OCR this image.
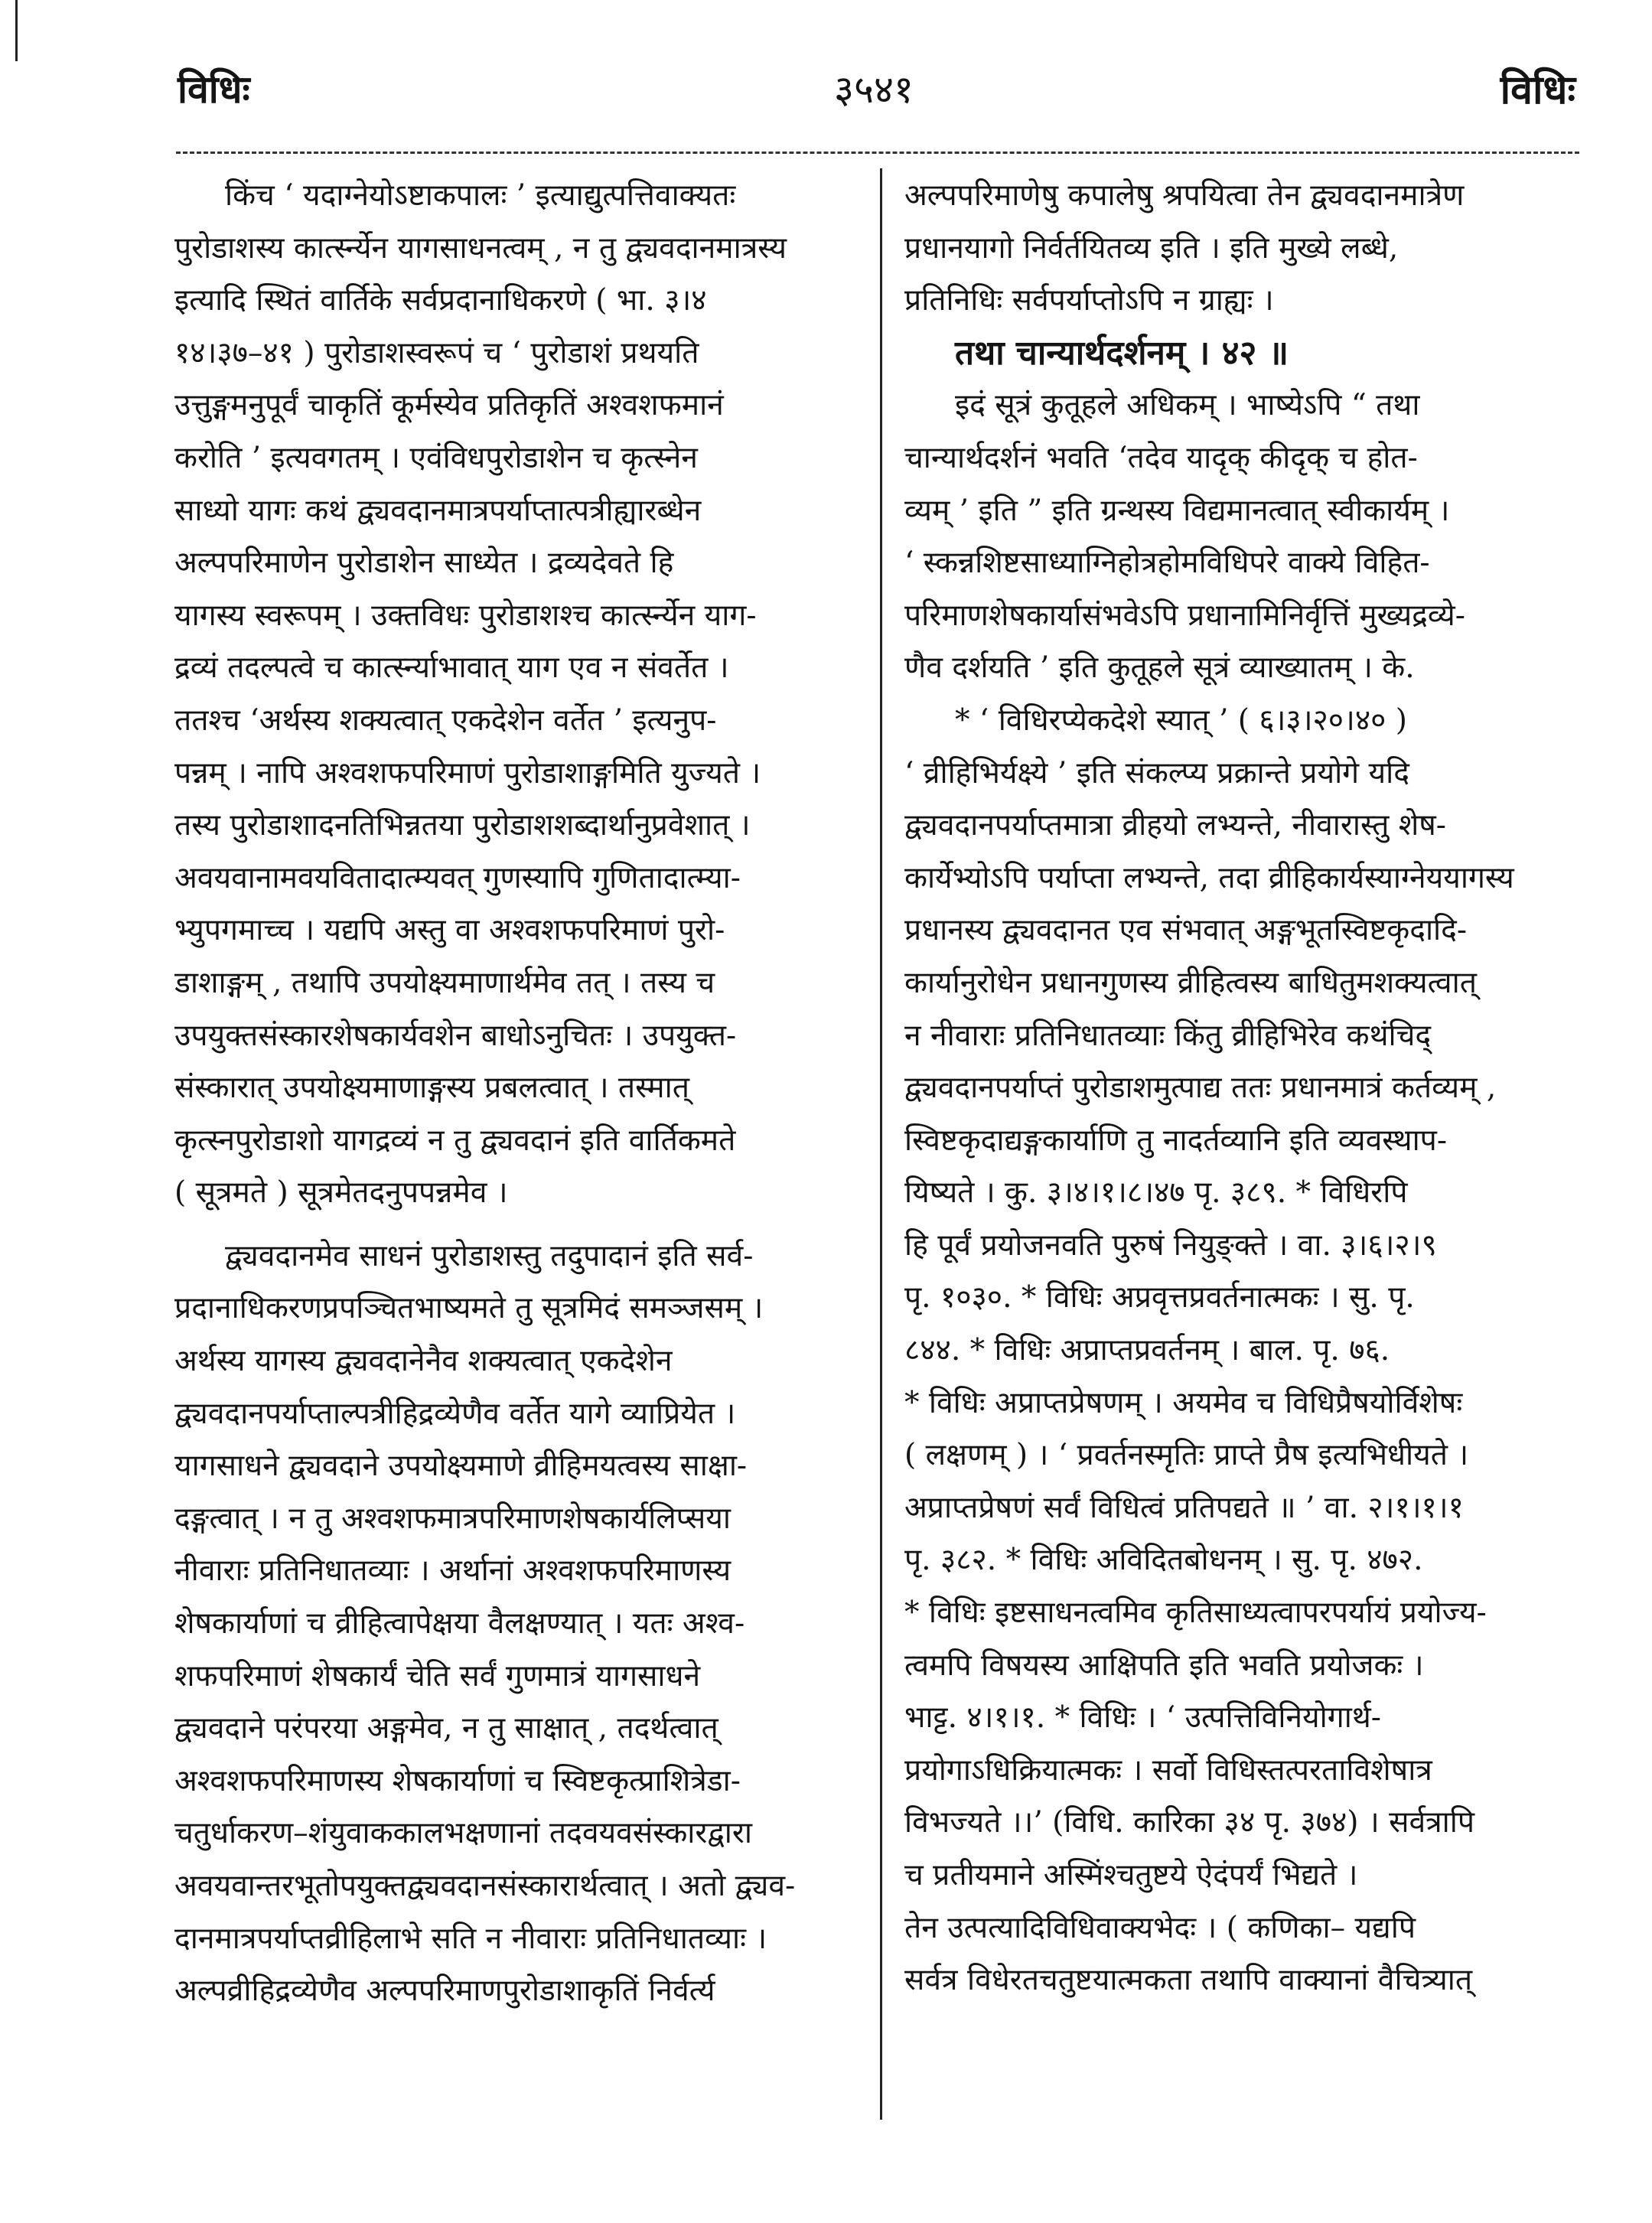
विधिः	३५४१	विधिः
किंच ‘ यदाग्नेयोऽष्टाकपालः ’ इत्याद्युत्पत्तिवाक्यतः
पुरोडाशस्य कार्त्स्न्येन यागसाधनत्वम् , न तु द्व्यवदानमात्रस्य
इत्यादि स्थितं वार्तिके सर्वप्रदानाधिकरणे ( भा. ३।४
१४।३७–४१ ) पुरोडाशस्वरूपं च ‘ पुरोडाशं प्रथयति
उत्तुङ्गमनुपूर्वं चाकृतिं कूर्मस्येव प्रतिकृतिं अश्वशफमानं
करोति ’ इत्यवगतम् । एवंविधपुरोडाशेन च कृत्स्नेन
साध्यो यागः कथं द्व्यवदानमात्रपर्याप्तात्पत्रीह्यारब्धेन
अल्पपरिमाणेन पुरोडाशेन साध्येत । द्रव्यदेवते हि
यागस्य स्वरूपम् । उक्तविधः पुरोडाशश्च कार्त्स्न्येन याग-
द्रव्यं तदल्पत्वे च कार्त्स्न्याभावात् याग एव न संवर्तेत ।
ततश्च ‘अर्थस्य शक्यत्वात् एकदेशेन वर्तेत ’ इत्यनुप-
पन्नम् । नापि अश्वशफपरिमाणं पुरोडाशाङ्गमिति युज्यते ।
तस्य पुरोडाशादनतिभिन्नतया पुरोडाशशब्दार्थानुप्रवेशात् ।
अवयवानामवयवितादात्म्यवत् गुणस्यापि गुणितादात्म्या-
भ्युपगमाच्च । यद्यपि अस्तु वा अश्वशफपरिमाणं पुरो-
डाशाङ्गम् , तथापि उपयोक्ष्यमाणार्थमेव तत् । तस्य च
उपयुक्तसंस्कारशेषकार्यवशेन बाधोऽनुचितः । उपयुक्त-
संस्कारात् उपयोक्ष्यमाणाङ्गस्य प्रबलत्वात् । तस्मात्
कृत्स्नपुरोडाशो यागद्रव्यं न तु द्व्यवदानं इति वार्तिकमते
( सूत्रमते ) सूत्रमेतदनुपपन्नमेव ।
द्व्यवदानमेव साधनं पुरोडाशस्तु तदुपादानं इति सर्व-
प्रदानाधिकरणप्रपञ्चितभाष्यमते तु सूत्रमिदं समञ्जसम् ।
अर्थस्य यागस्य द्व्यवदानेनैव शक्यत्वात् एकदेशेन
द्व्यवदानपर्याप्ताल्पत्रीहिद्रव्येणैव वर्तेत यागे व्याप्रियेत ।
यागसाधने द्व्यवदाने उपयोक्ष्यमाणे व्रीहिमयत्वस्य साक्षा-
दङ्गत्वात् । न तु अश्वशफमात्रपरिमाणशेषकार्यलिप्सया
नीवाराः प्रतिनिधातव्याः । अर्थानां अश्वशफपरिमाणस्य
शेषकार्याणां च व्रीहित्वापेक्षया वैलक्षण्यात् । यतः अश्व-
शफपरिमाणं शेषकार्यं चेति सर्वं गुणमात्रं यागसाधने
द्व्यवदाने परंपरया अङ्गमेव, न तु साक्षात् , तदर्थत्वात्
अश्वशफपरिमाणस्य शेषकार्याणां च स्विष्टकृत्प्राशित्रेडा-
चतुर्धाकरण–शंयुवाककालभक्षणानां तदवयवसंस्कारद्वारा
अवयवान्तरभूतोपयुक्तद्व्यवदानसंस्कारार्थत्वात् । अतो द्व्यव-
दानमात्रपर्याप्तव्रीहिलाभे सति न नीवाराः प्रतिनिधातव्याः ।
अल्पव्रीहिद्रव्येणैव अल्पपरिमाणपुरोडाशाकृतिं निर्वर्त्य
अल्पपरिमाणेषु कपालेषु श्रपयित्वा तेन द्व्यवदानमात्रेण
प्रधानयागो निर्वर्तयितव्य इति । इति मुख्ये लब्धे,
प्रतिनिधिः सर्वपर्याप्तोऽपि न ग्राह्यः ।
तथा चान्यार्थदर्शनम् । ४२ ॥
इदं सूत्रं कुतूहले अधिकम् । भाष्येऽपि “ तथा
चान्यार्थदर्शनं भवति ‘तदेव यादृक् कीदृक् च होत-
व्यम् ’ इति ” इति ग्रन्थस्य विद्यमानत्वात् स्वीकार्यम् ।
‘ स्कन्नशिष्टसाध्याग्निहोत्रहोमविधिपरे वाक्ये विहित-
परिमाणशेषकार्यासंभवेऽपि प्रधानामिनिर्वृत्तिं मुख्यद्रव्ये-
णैव दर्शयति ’ इति कुतूहले सूत्रं व्याख्यातम् । के.
* ‘ विधिरप्येकदेशे स्यात् ’ ( ६।३।२०।४० )
‘ व्रीहिभिर्यक्ष्ये ’ इति संकल्प्य प्रक्रान्ते प्रयोगे यदि
द्व्यवदानपर्याप्तमात्रा व्रीहयो लभ्यन्ते, नीवारास्तु शेष-
कार्येभ्योऽपि पर्याप्ता लभ्यन्ते, तदा व्रीहिकार्यस्याग्नेययागस्य
प्रधानस्य द्व्यवदानत एव संभवात् अङ्गभूतस्विष्टकृदादि-
कार्यानुरोधेन प्रधानगुणस्य व्रीहित्वस्य बाधितुमशक्यत्वात्
न नीवाराः प्रतिनिधातव्याः किंतु व्रीहिभिरेव कथंचिद्
द्व्यवदानपर्याप्तं पुरोडाशमुत्पाद्य ततः प्रधानमात्रं कर्तव्यम् ,
स्विष्टकृदाद्यङ्गकार्याणि तु नादर्तव्यानि इति व्यवस्थाप-
यिष्यते । कु. ३।४।१।८।४७ पृ. ३८९. * विधिरपि
हि पूर्वं प्रयोजनवति पुरुषं नियुङ्क्ते । वा. ३।६।२।९
पृ. १०३०. * विधिः अप्रवृत्तप्रवर्तनात्मकः । सु. पृ.
८४४. * विधिः अप्राप्तप्रवर्तनम् । बाल. पृ. ७६.
* विधिः अप्राप्तप्रेषणम् । अयमेव च विधिप्रैषयोर्विशेषः
( लक्षणम् ) । ‘ प्रवर्तनस्मृतिः प्राप्ते प्रैष इत्यभिधीयते ।
अप्राप्तप्रेषणं सर्वं विधित्वं प्रतिपद्यते ॥ ’ वा. २।१।१।१
पृ. ३८२. * विधिः अविदितबोधनम् । सु. पृ. ४७२.
* विधिः इष्टसाधनत्वमिव कृतिसाध्यत्वापरपर्यायं प्रयोज्य-
त्वमपि विषयस्य आक्षिपति इति भवति प्रयोजकः ।
भाट्ट. ४।१।१. * विधिः । ‘ उत्पत्तिविनियोगार्थ-
प्रयोगाऽधिक्रियात्मकः । सर्वो विधिस्तत्परताविशेषात्र
विभज्यते ।।’ (विधि. कारिका ३४ पृ. ३७४) । सर्वत्रापि
च प्रतीयमाने अस्मिंश्चतुष्टये ऐदंपर्यं भिद्यते ।
तेन उत्पत्यादिविधिवाक्यभेदः । ( कणिका– यद्यपि
सर्वत्र विधेरतचतुष्टयात्मकता तथापि वाक्यानां वैचित्र्यात्
